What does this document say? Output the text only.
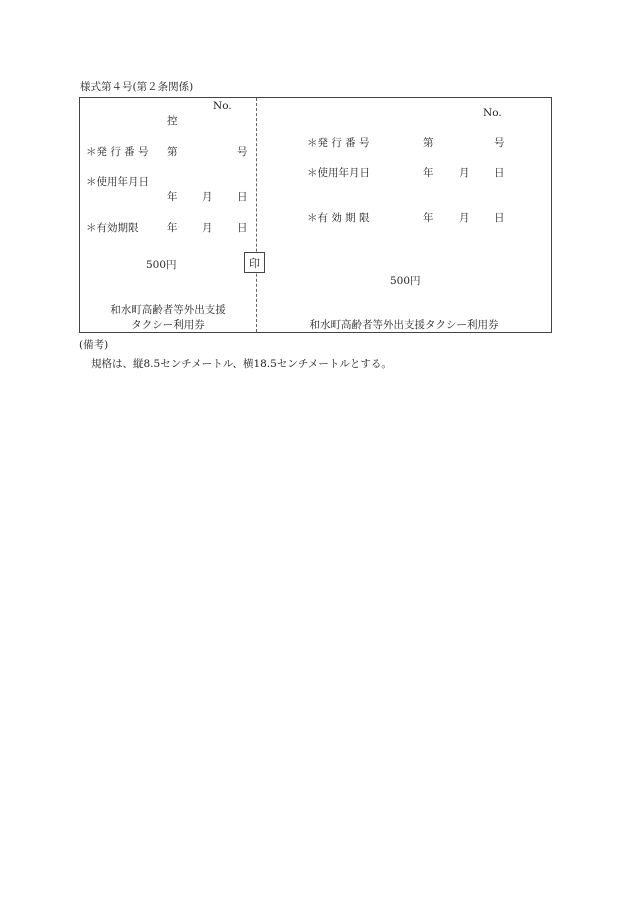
様式第４号(第２条関係)
No.
控
＊発 行 番 号 第	号
＊使用年月日
年 月 日
＊有効期限	年 月 日
500円	印
和水町高齢者等外出支援
タクシー利用券
No.
＊発 行 番 号	第	号
＊使用年月日	年 月 日
＊有 効 期 限	年 月 日
500円
和水町高齢者等外出支援タクシー利用券
(備考)
規格は、縦8.5センチメートル、横18.5センチメートルとする。
